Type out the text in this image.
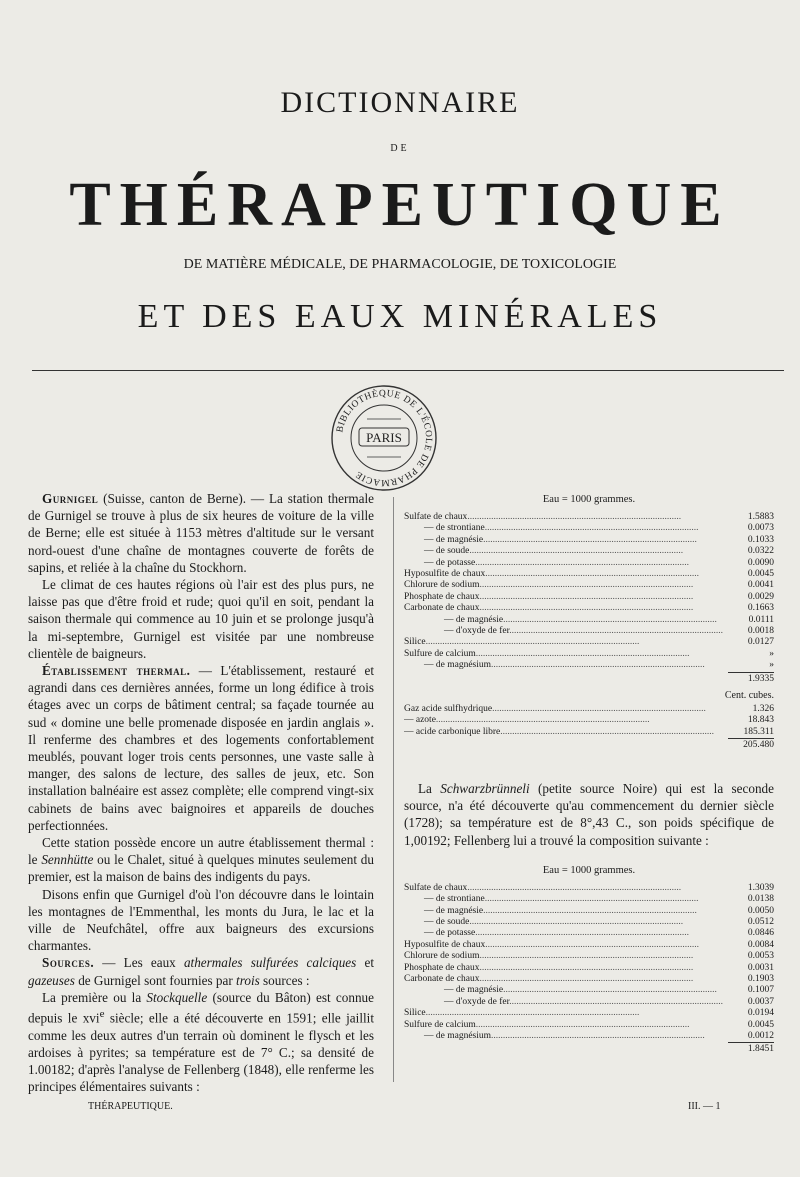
DICTIONNAIRE
DE
THÉRAPEUTIQUE
DE MATIÈRE MÉDICALE, DE PHARMACOLOGIE, DE TOXICOLOGIE
ET DES EAUX MINÉRALES
BIBLIOTHÈQUE DE L'ÉCOLE DE PHARMACIE
PARIS

Gurnigel (Suisse, canton de Berne). — La station thermale de Gurnigel se trouve à plus de six heures de voiture de la ville de Berne; elle est située à 1153 mètres d'altitude sur le versant nord-ouest d'une chaîne de montagnes couverte de forêts de sapins, et reliée à la chaîne du Stockhorn.

Le climat de ces hautes régions où l'air est des plus purs, ne laisse pas que d'être froid et rude; quoi qu'il en soit, pendant la saison thermale qui commence au 10 juin et se prolonge jusqu'à la mi-septembre, Gurnigel est visitée par une nombreuse clientèle de baigneurs.

Établissement thermal. — L'établissement, restauré et agrandi dans ces dernières années, forme un long édifice à trois étages avec un corps de bâtiment central; sa façade tournée au sud « domine une belle promenade disposée en jardin anglais ». Il renferme des chambres et des logements confortablement meublés, pouvant loger trois cents personnes, une vaste salle à manger, des salons de lecture, des salles de jeux, etc. Son installation balnéaire est assez complète; elle comprend vingt-six cabinets de bains avec baignoires et appareils de douches perfectionnées.

Cette station possède encore un autre établissement thermal : le Sennhütte ou le Chalet, situé à quelques minutes seulement du premier, est la maison de bains des indigents du pays.

Disons enfin que Gurnigel d'où l'on découvre dans le lointain les montagnes de l'Emmenthal, les monts du Jura, le lac et la ville de Neufchâtel, offre aux baigneurs des excursions charmantes.

Sources. — Les eaux athermales sulfurées calciques et gazeuses de Gurnigel sont fournies par trois sources :

La première ou la Stockquelle (source du Bâton) est connue depuis le xvi$^e$ siècle; elle a été découverte en 1591; elle jaillit comme les deux autres d'un terrain où dominent le flysch et les ardoises à pyrites; sa température est de 7° C.; sa densité de 1.00182; d'après l'analyse de Fellenberg (1848), elle renferme les principes élémentaires suivants :

Eau = 1000 grammes.
Sulfate de chaux..........................................................................................	1.5883
— de strontiane..........................................................................................	0.0073
— de magnésie..........................................................................................	0.1033
— de soude..........................................................................................	0.0322
— de potasse..........................................................................................	0.0090
Hyposulfite de chaux..........................................................................................	0.0045
Chlorure de sodium..........................................................................................	0.0041
Phosphate de chaux..........................................................................................	0.0029
Carbonate de chaux..........................................................................................	0.1663
— de magnésie..........................................................................................	0.0111
— d'oxyde de fer..........................................................................................	0.0018
Silice..........................................................................................	0.0127
Sulfure de calcium..........................................................................................	»
— de magnésium..........................................................................................	»
1.9335
Cent. cubes.
Gaz acide sulfhydrique..........................................................................................	1.326
— azote..........................................................................................	18.843
— acide carbonique libre..........................................................................................	185.311
205.480
La Schwarzbrünneli (petite source Noire) qui est la seconde source, n'a été découverte qu'au commencement du dernier siècle (1728); sa température est de 8°,43 C., son poids spécifique de 1,00192; Fellenberg lui a trouvé la composition suivante :
Eau = 1000 grammes.
Sulfate de chaux..........................................................................................	1.3039
— de strontiane..........................................................................................	0.0138
— de magnésie..........................................................................................	0.0050
— de soude..........................................................................................	0.0512
— de potasse..........................................................................................	0.0846
Hyposulfite de chaux..........................................................................................	0.0084
Chlorure de sodium..........................................................................................	0.0053
Phosphate de chaux..........................................................................................	0.0031
Carbonate de chaux..........................................................................................	0.1903
— de magnésie..........................................................................................	0.1007
— d'oxyde de fer..........................................................................................	0.0037
Silice..........................................................................................	0.0194
Sulfure de calcium..........................................................................................	0.0045
— de magnésium..........................................................................................	0.0012
1.8451
THÉRAPEUTIQUE.	III. — 1
